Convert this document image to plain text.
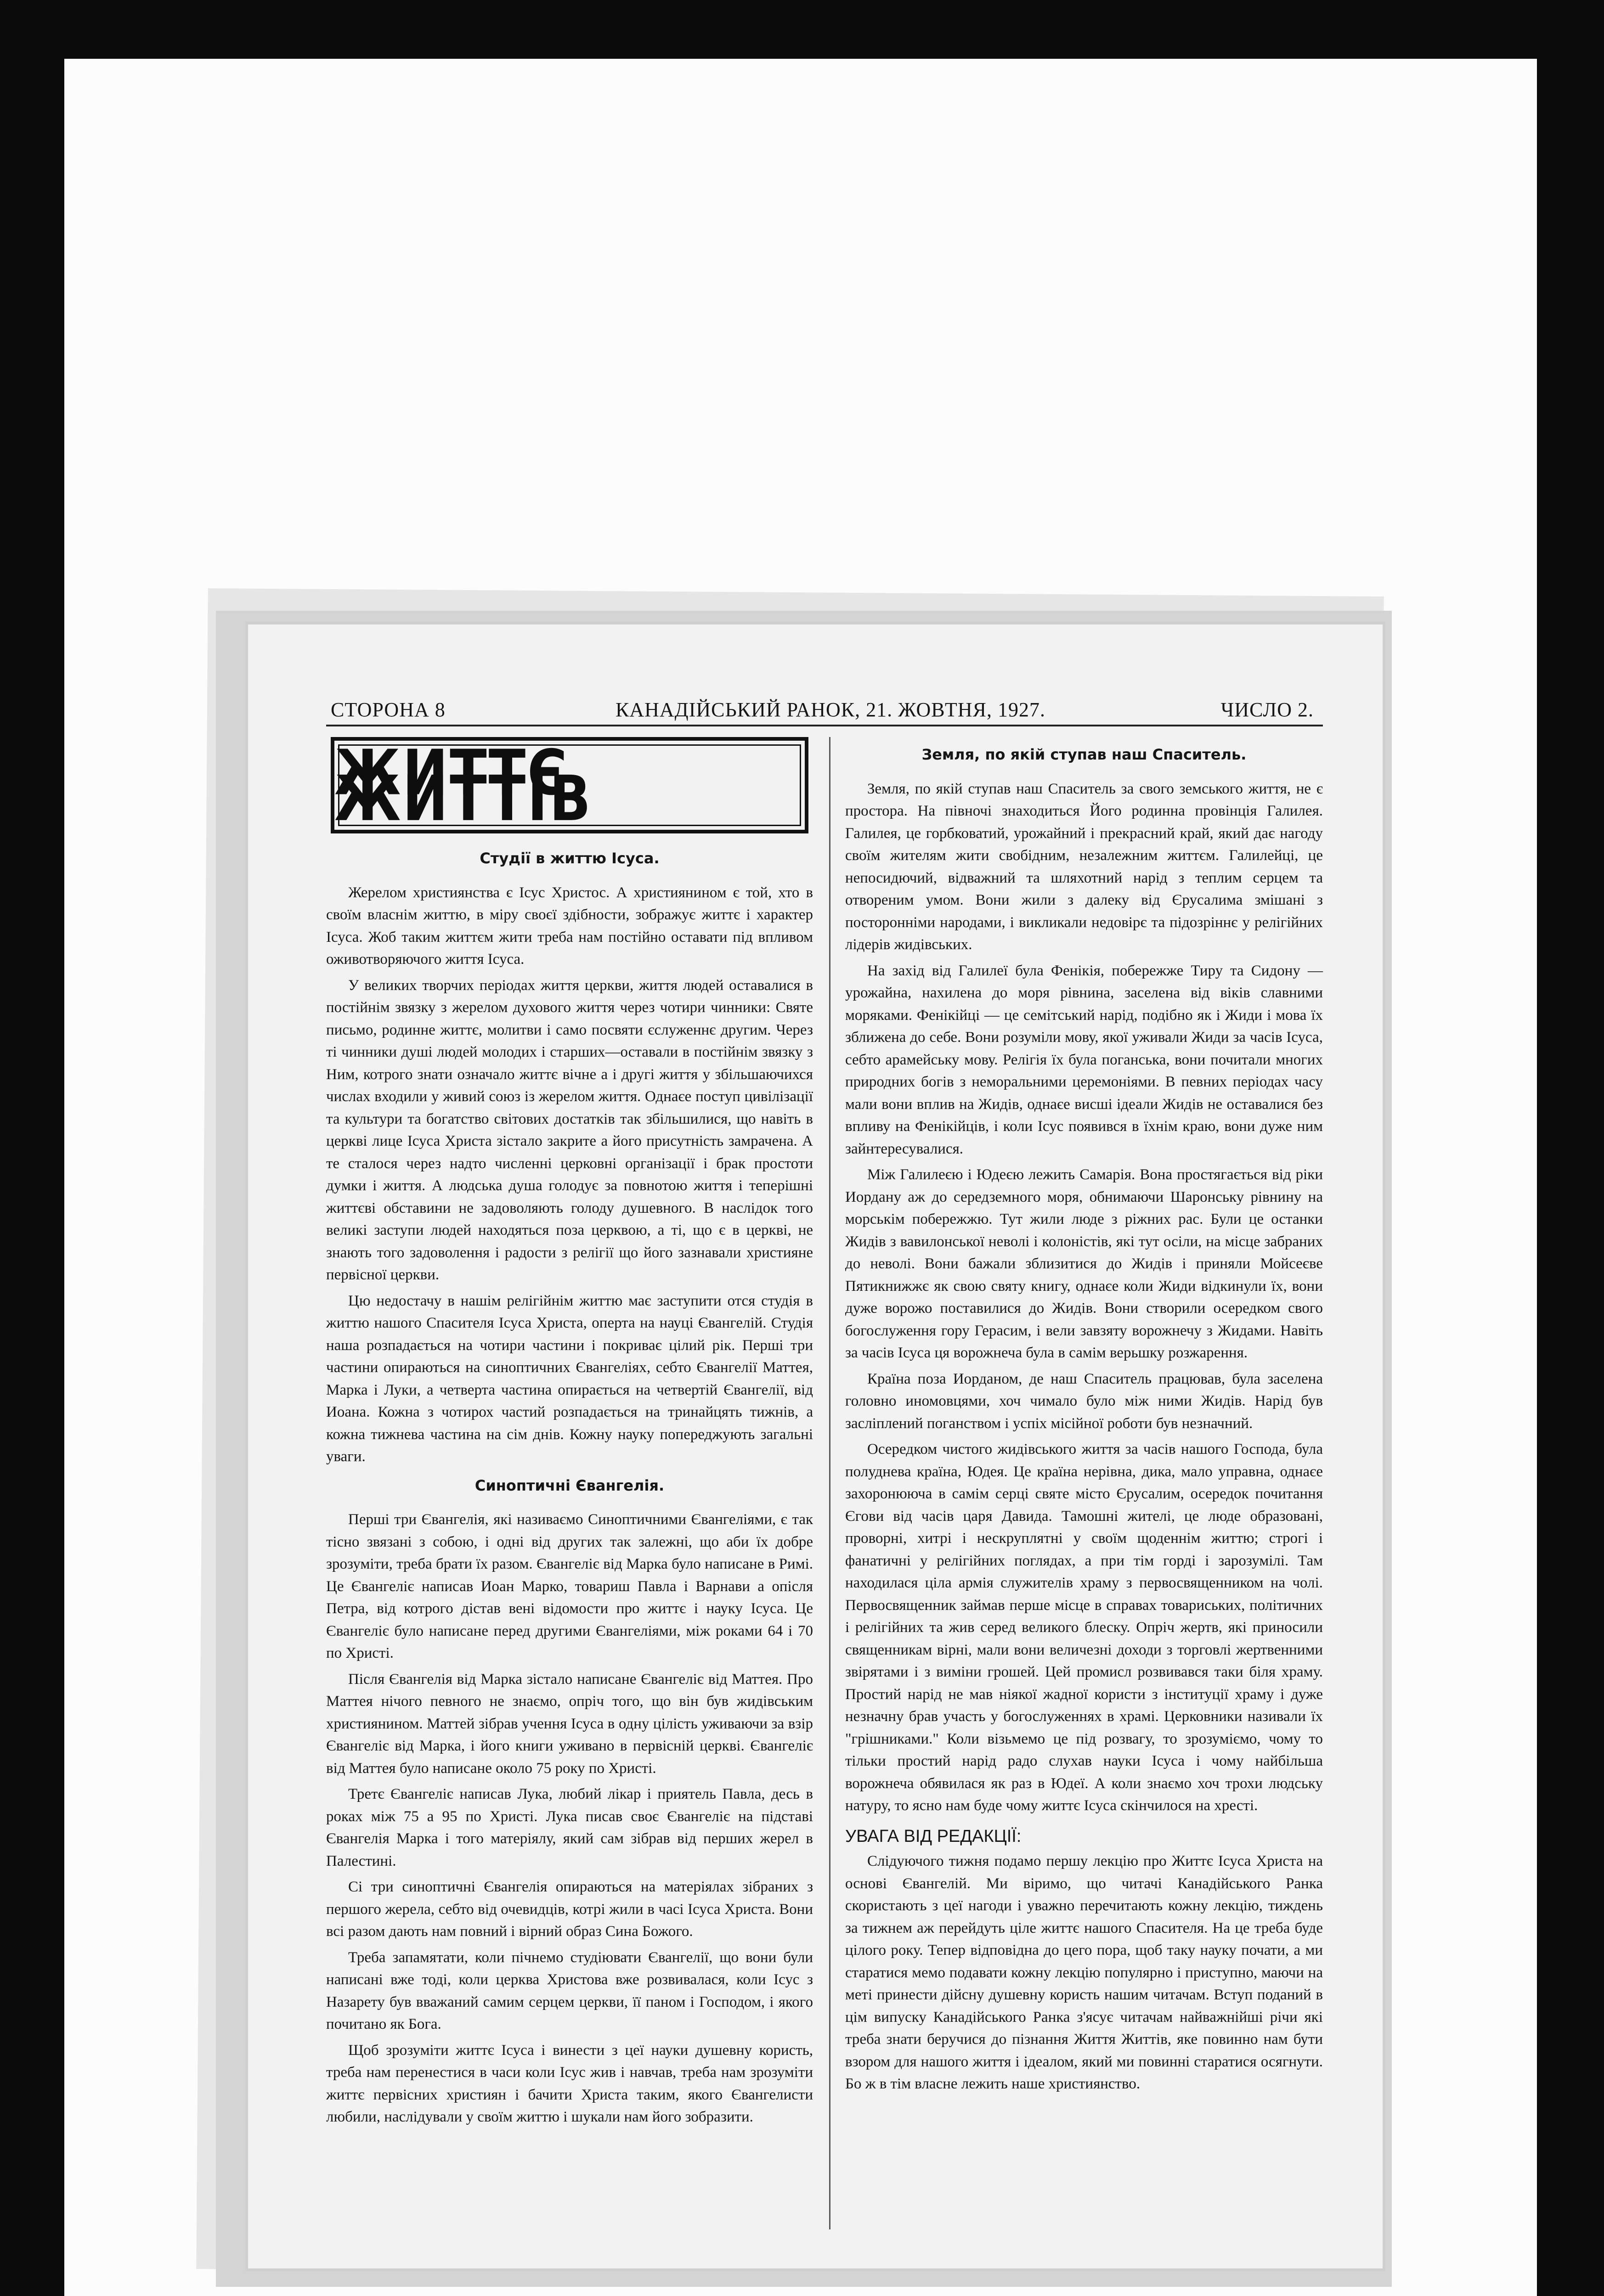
СТОРОНА 8	КАНАДІЙСЬКИЙ РАНОК, 21. ЖОВТНЯ, 1927.	ЧИСЛО 2.
ЖИТТЄ ЖИТТІВ
Студії в життю Ісуса.

Жерелом християнства є Ісус Христос. А християнином є той, хто в своїм власнім життю, в міру своєї здібности, зображує життє і характер Ісуса. Жоб таким життєм жити треба нам постійно оставати під впливом оживотворяючого життя Ісуса.

У великих творчих періодах життя церкви, життя людей оставалися в постійнім звязку з жерелом духового життя через чотири чинники: Святе письмо, родинне життє, молитви і само посвяти єслуженнє другим. Через ті чинники душі людей молодих і старших—оставали в постійнім звязку з Ним, котрого знати означало життє вічне а і другі життя у збільшаючихся числах входили у живий союз із жерелом життя. Однаєе поступ цивілізації та культури та богатство світових достатків так збільшилися, що навіть в церкві лице Ісуса Христа зістало закрите а його присутність замрачена. А те сталося через надто численні церковні організації і брак простоти думки і життя. А людська душа голодує за повнотою життя і теперішні життєві обставини не задоволяють голоду душевного. В наслідок того великі заступи людей находяться поза церквою, а ті, що є в церкві, не знають того задоволення і радости з релігії що його зазнавали християне первісної церкви.

Цю недостачу в нашім релігійнім життю має заступити отся студія в життю нашого Спасителя Ісуса Христа, оперта на науці Євангелій. Студія наша розпадається на чотири частини і покриває цілий рік. Перші три частини опираються на синоптичних Євангеліях, себто Євангелії Маттея, Марка і Луки, а четверта частина опирається на четвертій Євангелії, від Иоана. Кожна з чотирох частий розпадається на тринайцять тижнів, а кожна тижнева частина на сім днів. Кожну науку попереджують загальні уваги.

Синоптичні Євангелія.

Перші три Євангелія, які називаємо Синоптичними Євангеліями, є так тісно звязані з собою, і одні від других так залежні, що аби їх добре зрозуміти, треба брати їх разом. Євангеліє від Марка було написане в Римі. Це Євангеліє написав Иоан Марко, товариш Павла і Варнави а опісля Петра, від котрого дістав вені відомости про життє і науку Ісуса. Це Євангеліє було написане перед другими Євангеліями, між роками 64 і 70 по Христі.

Після Євангелія від Марка зістало написане Євангеліє від Маттея. Про Маттея нічого певного не знаємо, опріч того, що він був жидівським християнином. Маттей зібрав учення Ісуса в одну цілість уживаючи за взір Євангеліє від Марка, і його книги уживано в первісній церкві. Євангеліє від Маттея було написане около 75 року по Христі.

Третє Євангеліє написав Лука, любий лікар і приятель Павла, десь в роках між 75 а 95 по Христі. Лука писав своє Євангеліє на підставі Євангелія Марка і того матеріялу, який сам зібрав від перших жерел в Палестині.

Сі три синоптичні Євангелія опираються на матеріялах зібраних з першого жерела, себто від очевидців, котрі жили в часі Ісуса Христа. Вони всі разом дають нам повний і вірний образ Сина Божого.

Треба запамятати, коли пічнемо студіювати Євангелії, що вони були написані вже тоді, коли церква Христова вже розвивалася, коли Ісус з Назарету був вважаний самим серцем церкви, її паном і Господом, і якого почитано як Бога.

Щоб зрозуміти життє Ісуса і винести з цеї науки душевну користь, треба нам перенестися в часи коли Ісус жив і навчав, треба нам зрозуміти життє первісних християн і бачити Христа таким, якого Євангелисти любили, наслідували у своїм життю і шукали нам його зобразити.

Земля, по якій ступав наш Спаситель.

Земля, по якій ступав наш Спаситель за свого земського життя, не є простора. На півночі знаходиться Його родинна провінція Галилея. Галилея, це горбковатий, урожайний і прекрасний край, який дає нагоду своїм жителям жити свобідним, незалежним життєм. Галилейці, це непосидючий, відважний та шляхотний нарід з теплим серцем та отвореним умом. Вони жили з далеку від Єрусалима змішані з посторонніми народами, і викликали недовірє та підозріннє у релігійних лідерів жидівських.

На захід від Галилеї була Фенікія, побережже Тиру та Сидону — урожайна, нахилена до моря рівнина, заселена від віків славними моряками. Фенікійці — це семітський нарід, подібно як і Жиди і мова їх зближена до себе. Вони розуміли мову, якої уживали Жиди за часів Ісуса, себто арамейську мову. Релігія їх була поганська, вони почитали многих природних богів з неморальними церемоніями. В певних періодах часу мали вони вплив на Жидів, однаєе висші ідеали Жидів не оставалися без впливу на Фенікійців, і коли Ісус появився в їхнім краю, вони дуже ним зайнтересувалися.

Між Галилеєю і Юдеєю лежить Самарія. Вона простягається від ріки Иордану аж до середземного моря, обнимаючи Шаронську рівнину на морськім побережжю. Тут жили люде з ріжних рас. Були це останки Жидів з вавилонської неволі і колоністів, які тут осіли, на місце забраних до неволі. Вони бажали зблизитися до Жидів і приняли Мойсеєве Пятикнижжє як свою святу книгу, однаєе коли Жиди відкинули їх, вони дуже ворожо поставилися до Жидів. Вони створили осередком свого богослуження гору Герасим, і вели завзяту ворожнечу з Жидами. Навіть за часів Ісуса ця ворожнеча була в самім верьшку розжарення.

Країна поза Иорданом, де наш Спаситель працював, була заселена головно иномовцями, хоч чимало було між ними Жидів. Нарід був засліплений поганством і успіх місійної роботи був незначний.

Осередком чистого жидівського життя за часів нашого Господа, була полуднева країна, Юдея. Це країна нерівна, дика, мало управна, однаєе захоронююча в самім серці святе місто Єрусалим, осередок почитання Єгови від часів царя Давида. Тамошні жителі, це люде образовані, проворні, хитрі і нескруплятні у своїм щоденнім життю; строгі і фанатичні у релігійних поглядах, а при тім горді і зарозумілі. Там находилася ціла армія служителів храму з первосвященником на чолі. Первосвященник займав перше місце в справах товариських, політичних і релігійних та жив серед великого блеску. Опріч жертв, які приносили священникам вірні, мали вони величезні доходи з торговлі жертвенними звірятами і з виміни грошей. Цей промисл розвивався таки біля храму. Простий нарід не мав ніякої жадної користи з інституції храму і дуже незначну брав участь у богослуженнях в храмі. Церковники називали їх "грішниками." Коли візьмемо це під розвагу, то зрозуміємо, чому то тільки простий нарід радо слухав науки Ісуса і чому найбільша ворожнеча обявилася як раз в Юдеї. А коли знаємо хоч трохи людську натуру, то ясно нам буде чому життє Ісуса скінчилося на хресті.

УВАГА ВІД РЕДАКЦІЇ:

Слідуючого тижня подамо першу лекцію про Життє Ісуса Христа на основі Євангелій. Ми віримо, що читачі Канадійського Ранка скористають з цеї нагоди і уважно перечитають кожну лекцію, тиждень за тижнем аж перейдуть ціле життє нашого Спасителя. На це треба буде цілого року. Тепер відповідна до цего пора, щоб таку науку почати, а ми старатися мемо подавати кожну лекцію популярно і приступно, маючи на меті принести дійсну душевну користь нашим читачам. Вступ поданий в цім випуску Канадійського Ранка з'ясує читачам найважнійші річи які треба знати беручися до пізнання Життя Життів, яке повинно нам бути взором для нашого життя і ідеалом, який ми повинні старатися осягнути. Бо ж в тім власне лежить наше християнство.
